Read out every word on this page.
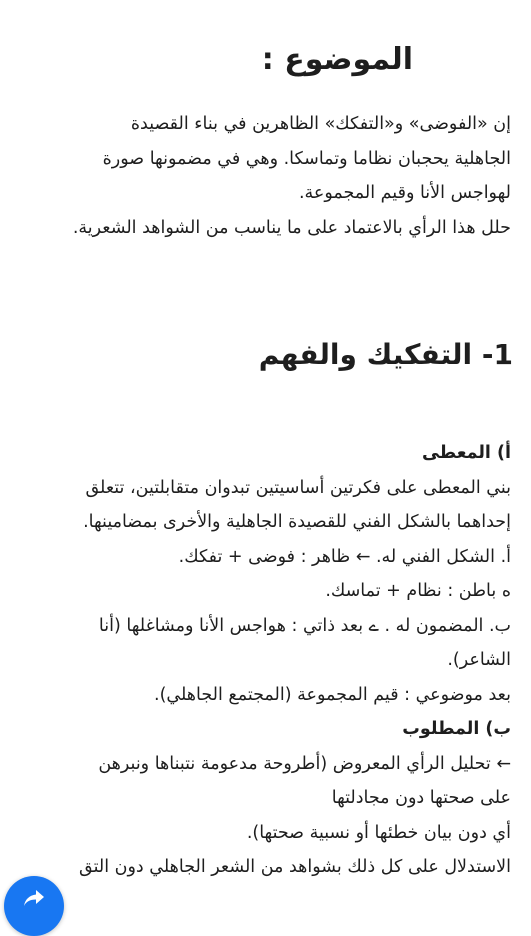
الموضوع :

إن «الفوضى» و«التفكك» الظاهرين في بناء القصيدة

الجاهلية يحجبان نظاما وتماسكا. وهي في مضمونها صورة

لهواجس الأنا وقيم المجموعة.

حلل هذا الرأي بالاعتماد على ما يناسب من الشواهد الشعرية.

1- التفكيك والفهم

أ) المعطى

بني المعطى على فكرتين أساسيتين تبدوان متقابلتين، تتعلق

إحداهما بالشكل الفني للقصيدة الجاهلية والأخرى بمضامينها.

أ. الشكل الفني له. ← ظاهر : فوضى + تفكك.

ه باطن : نظام + تماسك.

ب. المضمون له . ے بعد ذاتي : هواجس الأنا ومشاغلها (أنا

الشاعر).

بعد موضوعي : قيم المجموعة (المجتمع الجاهلي).

ب) المطلوب

← تحليل الرأي المعروض (أطروحة مدعومة نتبناها ونبرهن

على صحتها دون مجادلتها

أي دون بيان خطئها أو نسبية صحتها).

الاستدلال على كل ذلك بشواهد من الشعر الجاهلي دون التق
